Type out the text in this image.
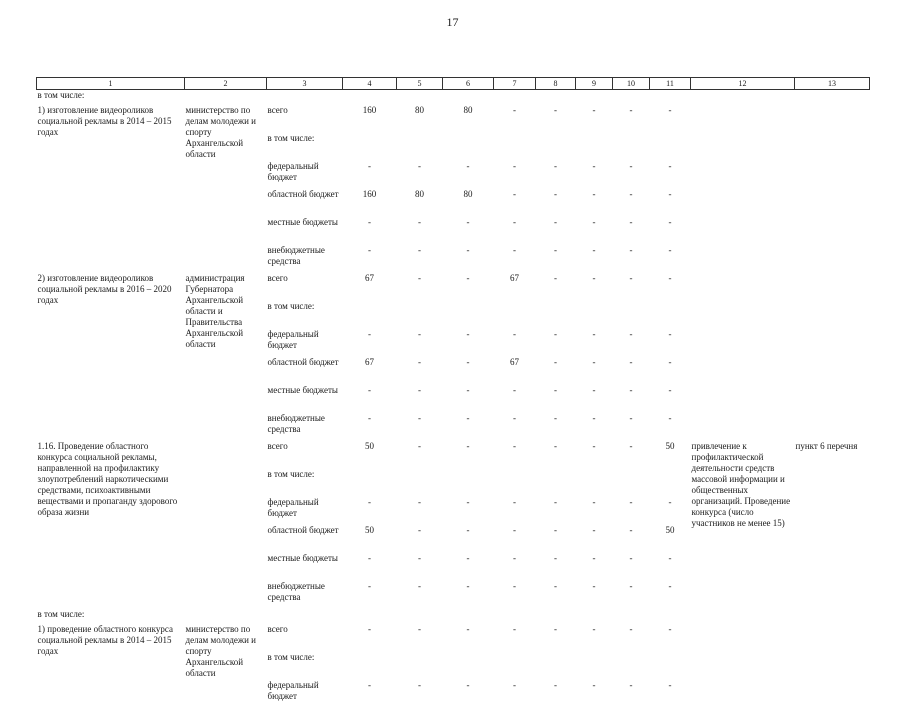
17
1	2	3	4	5	6	7	8	9	10	11	12	13
в том числе:												
1) изготовление видеороликов социальной рекламы в 2014 – 2015 годах	министерство по делам молодежи и спорту Архангельской области	всего	160	80	80	-	-	-	-	-		
		в том числе:										
		федеральный бюджет	-	-	-	-	-	-	-	-		
		областной бюджет	160	80	80	-	-	-	-	-		
		местные бюджеты	-	-	-	-	-	-	-	-		
		внебюджетные средства	-	-	-	-	-	-	-	-		
2) изготовление видеороликов социальной рекламы в 2016 – 2020 годах	администрация Губернатора Архангельской области и Правительства Архангельской области	всего	67	-	-	67	-	-	-	-		
		в том числе:										
		федеральный бюджет	-	-	-	-	-	-	-	-		
		областной бюджет	67	-	-	67	-	-	-	-		
		местные бюджеты	-	-	-	-	-	-	-	-		
		внебюджетные средства	-	-	-	-	-	-	-	-		
1.16. Проведение областного конкурса социальной рекламы, направленной на профилактику злоупотреблений наркотическими средствами, психоактивными веществами и пропаганду здорового образа жизни		всего	50	-	-	-	-	-	-	50	привлечение к профилактической деятельности средств массовой информации и общественных организаций. Проведение конкурса (число участников не менее 15)	пункт 6 перечня
		в том числе:										
		федеральный бюджет	-	-	-	-	-	-	-	-		
		областной бюджет	50	-	-	-	-	-	-	50		
		местные бюджеты	-	-	-	-	-	-	-	-		
		внебюджетные средства	-	-	-	-	-	-	-	-		
в том числе:												
1) проведение областного конкурса социальной рекламы в 2014 – 2015 годах	министерство по делам молодежи и спорту Архангельской области	всего	-	-	-	-	-	-	-	-		
		в том числе:										
		федеральный бюджет	-	-	-	-	-	-	-	-		
